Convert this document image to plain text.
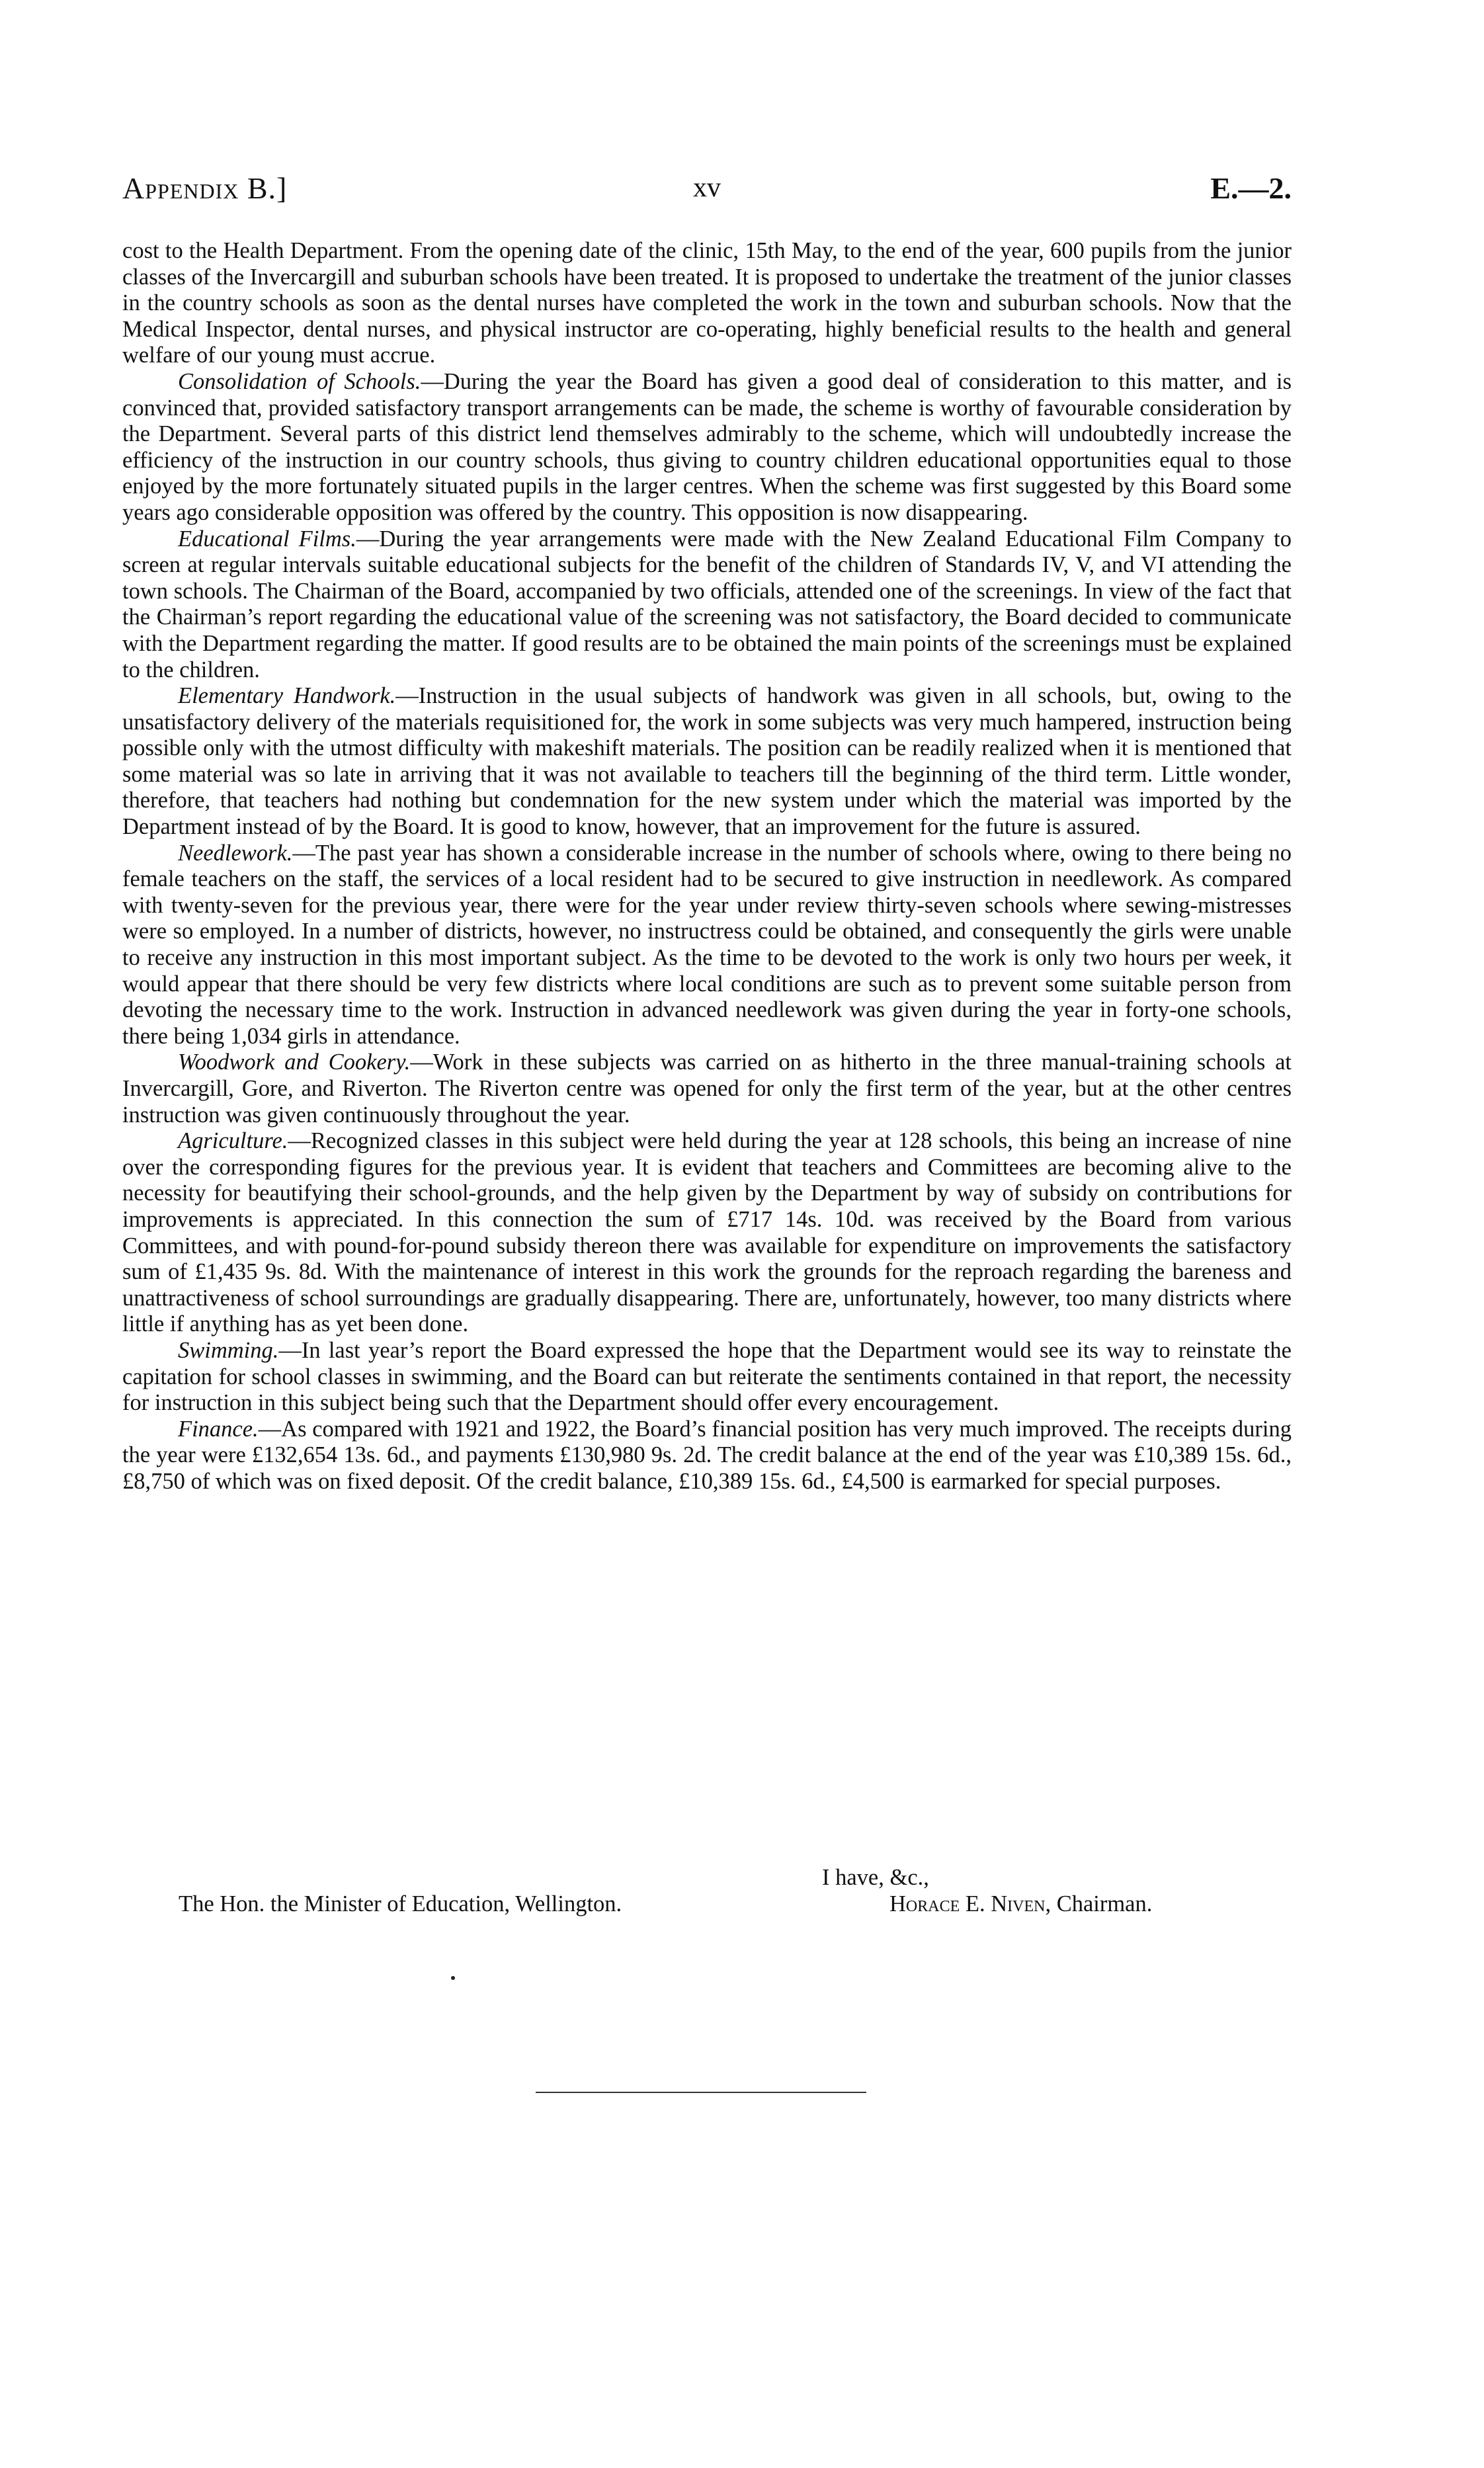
Appendix B.]	xv	E.—2.

cost to the Health Department. From the opening date of the clinic, 15th May, to the end of the year, 600 pupils from the junior classes of the Invercargill and suburban schools have been treated. It is proposed to undertake the treatment of the junior classes in the country schools as soon as the dental nurses have completed the work in the town and suburban schools. Now that the Medical Inspector, dental nurses, and physical instructor are co-operating, highly beneficial results to the health and general welfare of our young must accrue.

Consolidation of Schools.—During the year the Board has given a good deal of consideration to this matter, and is convinced that, provided satisfactory transport arrangements can be made, the scheme is worthy of favourable consideration by the Department. Several parts of this district lend themselves admirably to the scheme, which will undoubtedly increase the efficiency of the instruction in our country schools, thus giving to country children educational opportunities equal to those enjoyed by the more fortunately situated pupils in the larger centres. When the scheme was first suggested by this Board some years ago considerable opposition was offered by the country. This opposition is now disappearing.

Educational Films.—During the year arrangements were made with the New Zealand Educational Film Company to screen at regular intervals suitable educational subjects for the benefit of the children of Standards IV, V, and VI attending the town schools. The Chairman of the Board, accompanied by two officials, attended one of the screenings. In view of the fact that the Chairman’s report regarding the educational value of the screening was not satisfactory, the Board decided to communicate with the Department regarding the matter. If good results are to be obtained the main points of the screenings must be explained to the children.

Elementary Handwork.—Instruction in the usual subjects of handwork was given in all schools, but, owing to the unsatisfactory delivery of the materials requisitioned for, the work in some subjects was very much hampered, instruction being possible only with the utmost difficulty with makeshift materials. The position can be readily realized when it is mentioned that some material was so late in arriving that it was not available to teachers till the beginning of the third term. Little wonder, therefore, that teachers had nothing but condemnation for the new system under which the material was imported by the Department instead of by the Board. It is good to know, however, that an improvement for the future is assured.

Needlework.—The past year has shown a considerable increase in the number of schools where, owing to there being no female teachers on the staff, the services of a local resident had to be secured to give instruction in needlework. As compared with twenty-seven for the previous year, there were for the year under review thirty-seven schools where sewing-mistresses were so employed. In a number of districts, however, no instructress could be obtained, and consequently the girls were unable to receive any instruction in this most important subject. As the time to be devoted to the work is only two hours per week, it would appear that there should be very few districts where local conditions are such as to prevent some suitable person from devoting the necessary time to the work. Instruction in advanced needlework was given during the year in forty-one schools, there being 1,034 girls in attendance.

Woodwork and Cookery.—Work in these subjects was carried on as hitherto in the three manual-training schools at Invercargill, Gore, and Riverton. The Riverton centre was opened for only the first term of the year, but at the other centres instruction was given continuously throughout the year.

Agriculture.—Recognized classes in this subject were held during the year at 128 schools, this being an increase of nine over the corresponding figures for the previous year. It is evident that teachers and Committees are becoming alive to the necessity for beautifying their school-grounds, and the help given by the Department by way of subsidy on contributions for improvements is appreciated. In this connection the sum of £717 14s. 10d. was received by the Board from various Committees, and with pound-for-pound subsidy thereon there was available for expenditure on improvements the satisfactory sum of £1,435 9s. 8d. With the maintenance of interest in this work the grounds for the reproach regarding the bareness and unattractiveness of school surroundings are gradually disappearing. There are, unfortunately, however, too many districts where little if anything has as yet been done.

Swimming.—In last year’s report the Board expressed the hope that the Department would see its way to reinstate the capitation for school classes in swimming, and the Board can but reiterate the sentiments contained in that report, the necessity for instruction in this subject being such that the Department should offer every encouragement.

Finance.—As compared with 1921 and 1922, the Board’s financial position has very much improved. The receipts during the year were £132,654 13s. 6d., and payments £130,980 9s. 2d. The credit balance at the end of the year was £10,389 15s. 6d., £8,750 of which was on fixed deposit. Of the credit balance, £10,389 15s. 6d., £4,500 is earmarked for special purposes.

I have, &c.,
The Hon. the Minister of Education, Wellington.	Horace E. Niven, Chairman.
